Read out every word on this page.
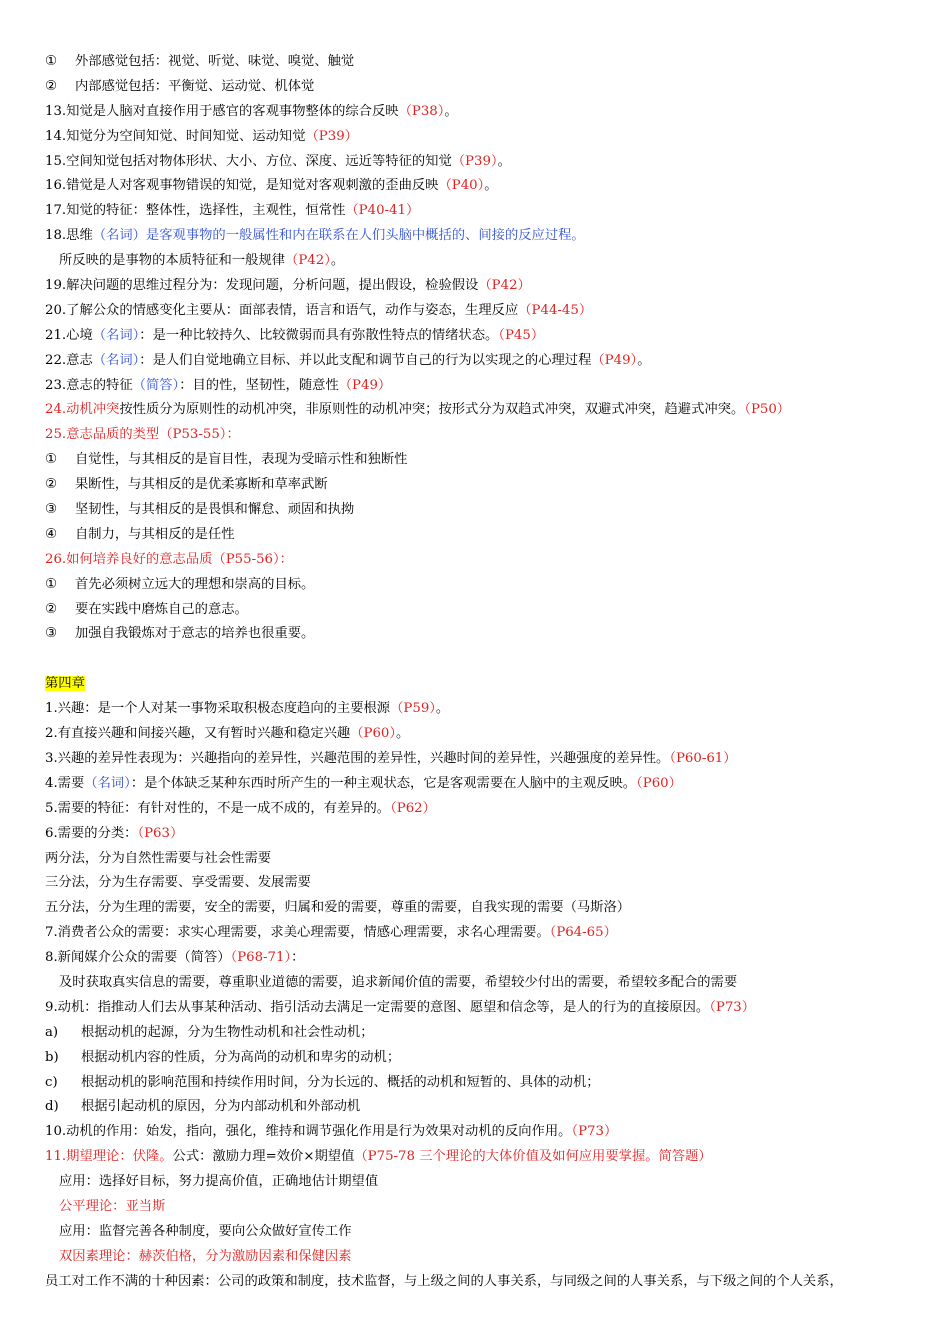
① 外部感觉包括：视觉、听觉、味觉、嗅觉、触觉
② 内部感觉包括：平衡觉、运动觉、机体觉
13.知觉是人脑对直接作用于感官的客观事物整体的综合反映（P38）。
14.知觉分为空间知觉、时间知觉、运动知觉（P39）
15.空间知觉包括对物体形状、大小、方位、深度、远近等特征的知觉（P39）。
16.错觉是人对客观事物错误的知觉，是知觉对客观刺激的歪曲反映（P40）。
17.知觉的特征：整体性，选择性，主观性，恒常性（P40-41）
18.思维（名词）是客观事物的一般属性和内在联系在人们头脑中概括的、间接的反应过程。
所反映的是事物的本质特征和一般规律（P42）。
19.解决问题的思维过程分为：发现问题，分析问题，提出假设，检验假设（P42）
20.了解公众的情感变化主要从：面部表情，语言和语气，动作与姿态，生理反应（P44-45）
21.心境（名词）：是一种比较持久、比较微弱而具有弥散性特点的情绪状态。（P45）
22.意志（名词）：是人们自觉地确立目标、并以此支配和调节自己的行为以实现之的心理过程（P49）。
23.意志的特征（简答）：目的性，坚韧性，随意性（P49）
24.动机冲突按性质分为原则性的动机冲突，非原则性的动机冲突；按形式分为双趋式冲突，双避式冲突，趋避式冲突。（P50）
25.意志品质的类型（P53-55）：
① 自觉性，与其相反的是盲目性，表现为受暗示性和独断性
② 果断性，与其相反的是优柔寡断和草率武断
③ 坚韧性，与其相反的是畏惧和懈怠、顽固和执拗
④ 自制力，与其相反的是任性
26.如何培养良好的意志品质（P55-56）：
① 首先必须树立远大的理想和崇高的目标。
② 要在实践中磨炼自己的意志。
③ 加强自我锻炼对于意志的培养也很重要。
第四章
1.兴趣：是一个人对某一事物采取积极态度趋向的主要根源（P59）。
2.有直接兴趣和间接兴趣，又有暂时兴趣和稳定兴趣（P60）。
3.兴趣的差异性表现为：兴趣指向的差异性，兴趣范围的差异性，兴趣时间的差异性，兴趣强度的差异性。（P60-61）
4.需要（名词）：是个体缺乏某种东西时所产生的一种主观状态，它是客观需要在人脑中的主观反映。（P60）
5.需要的特征：有针对性的，不是一成不成的，有差异的。（P62）
6.需要的分类：（P63）
两分法，分为自然性需要与社会性需要
三分法，分为生存需要、享受需要、发展需要
五分法，分为生理的需要，安全的需要，归属和爱的需要，尊重的需要，自我实现的需要（马斯洛）
7.消费者公众的需要：求实心理需要，求美心理需要，情感心理需要，求名心理需要。（P64-65）
8.新闻媒介公众的需要（简答）（P68-71）：
及时获取真实信息的需要，尊重职业道德的需要，追求新闻价值的需要，希望较少付出的需要，希望较多配合的需要
9.动机：指推动人们去从事某种活动、指引活动去满足一定需要的意图、愿望和信念等，是人的行为的直接原因。（P73）
a) 根据动机的起源，分为生物性动机和社会性动机；
b) 根据动机内容的性质，分为高尚的动机和卑劣的动机；
c) 根据动机的影响范围和持续作用时间，分为长远的、概括的动机和短暂的、具体的动机；
d) 根据引起动机的原因，分为内部动机和外部动机
10.动机的作用：始发，指向，强化，维持和调节强化作用是行为效果对动机的反向作用。（P73）
11.期望理论：伏隆。公式：激励力理=效价×期望值（P75-78 三个理论的大体价值及如何应用要掌握。简答题）
应用：选择好目标，努力提高价值，正确地估计期望值
公平理论：亚当斯
应用：监督完善各种制度，要向公众做好宣传工作
双因素理论：赫茨伯格，分为激励因素和保健因素
员工对工作不满的十种因素：公司的政策和制度，技术监督，与上级之间的人事关系，与同级之间的人事关系，与下级之间的个人关系，
